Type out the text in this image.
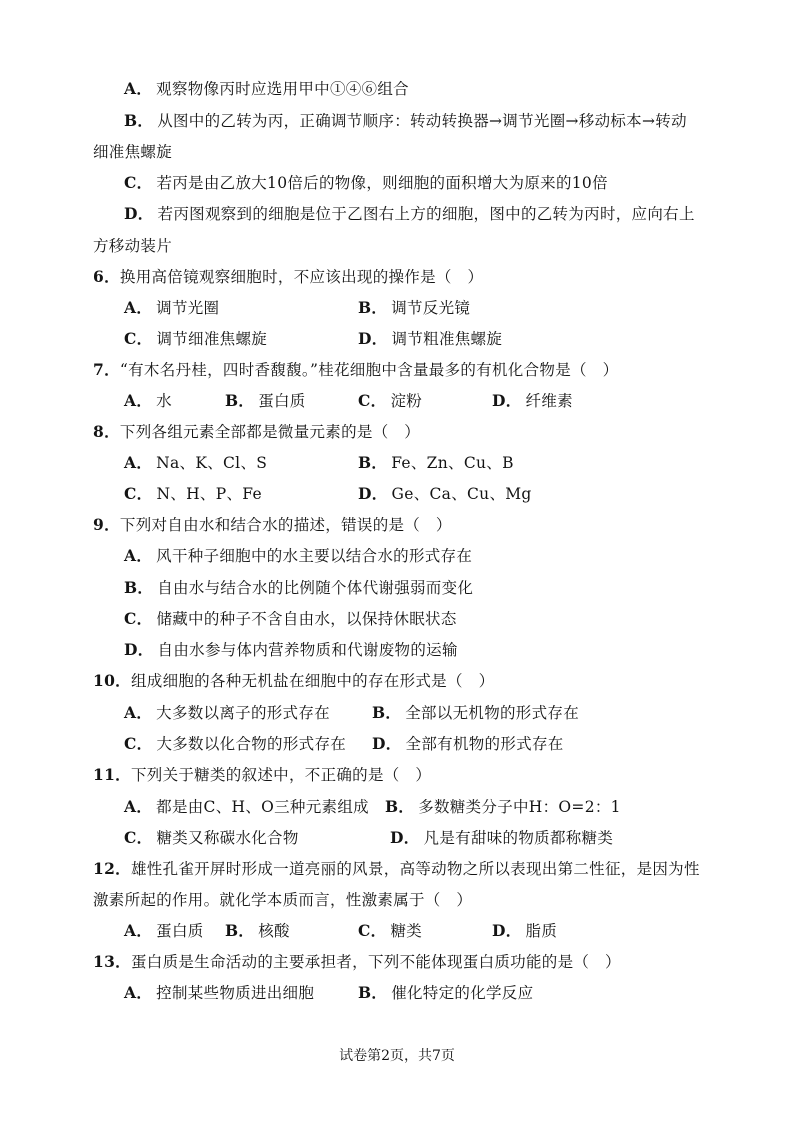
A． 观察物像丙时应选用甲中①④⑥组合
B． 从图中的乙转为丙，正确调节顺序：转动转换器→调节光圈→移动标本→转动
细准焦螺旋
C． 若丙是由乙放大10倍后的物像，则细胞的面积增大为原来的10倍
D． 若丙图观察到的细胞是位于乙图右上方的细胞，图中的乙转为丙时，应向右上
方移动装片
6．换用高倍镜观察细胞时，不应该出现的操作是（　）
A． 调节光圈	B． 调节反光镜
C． 调节细准焦螺旋	D． 调节粗准焦螺旋
7．“有木名丹桂，四时香馥馥。”桂花细胞中含量最多的有机化合物是（　）
A． 水	B． 蛋白质	C． 淀粉	D． 纤维素
8．下列各组元素全部都是微量元素的是（　）
A． Na、K、Cl、S	B． Fe、Zn、Cu、B
C． N、H、P、Fe	D． Ge、Ca、Cu、Mg
9．下列对自由水和结合水的描述，错误的是（　）
A． 风干种子细胞中的水主要以结合水的形式存在
B． 自由水与结合水的比例随个体代谢强弱而变化
C． 储藏中的种子不含自由水，以保持休眠状态
D． 自由水参与体内营养物质和代谢废物的运输
10．组成细胞的各种无机盐在细胞中的存在形式是（　）
A． 大多数以离子的形式存在	B． 全部以无机物的形式存在
C． 大多数以化合物的形式存在 D． 全部有机物的形式存在
11．下列关于糖类的叙述中，不正确的是（　）
A． 都是由C、H、O三种元素组成 B． 多数糖类分子中H：O=2：1
C． 糖类又称碳水化合物	D． 凡是有甜味的物质都称糖类
12．雄性孔雀开屏时形成一道亮丽的风景，高等动物之所以表现出第二性征，是因为性
激素所起的作用。就化学本质而言，性激素属于（　）
A． 蛋白质 B． 核酸	C． 糖类	D． 脂质
13．蛋白质是生命活动的主要承担者，下列不能体现蛋白质功能的是（　）
A． 控制某些物质进出细胞	B． 催化特定的化学反应
试卷第2页，共7页
